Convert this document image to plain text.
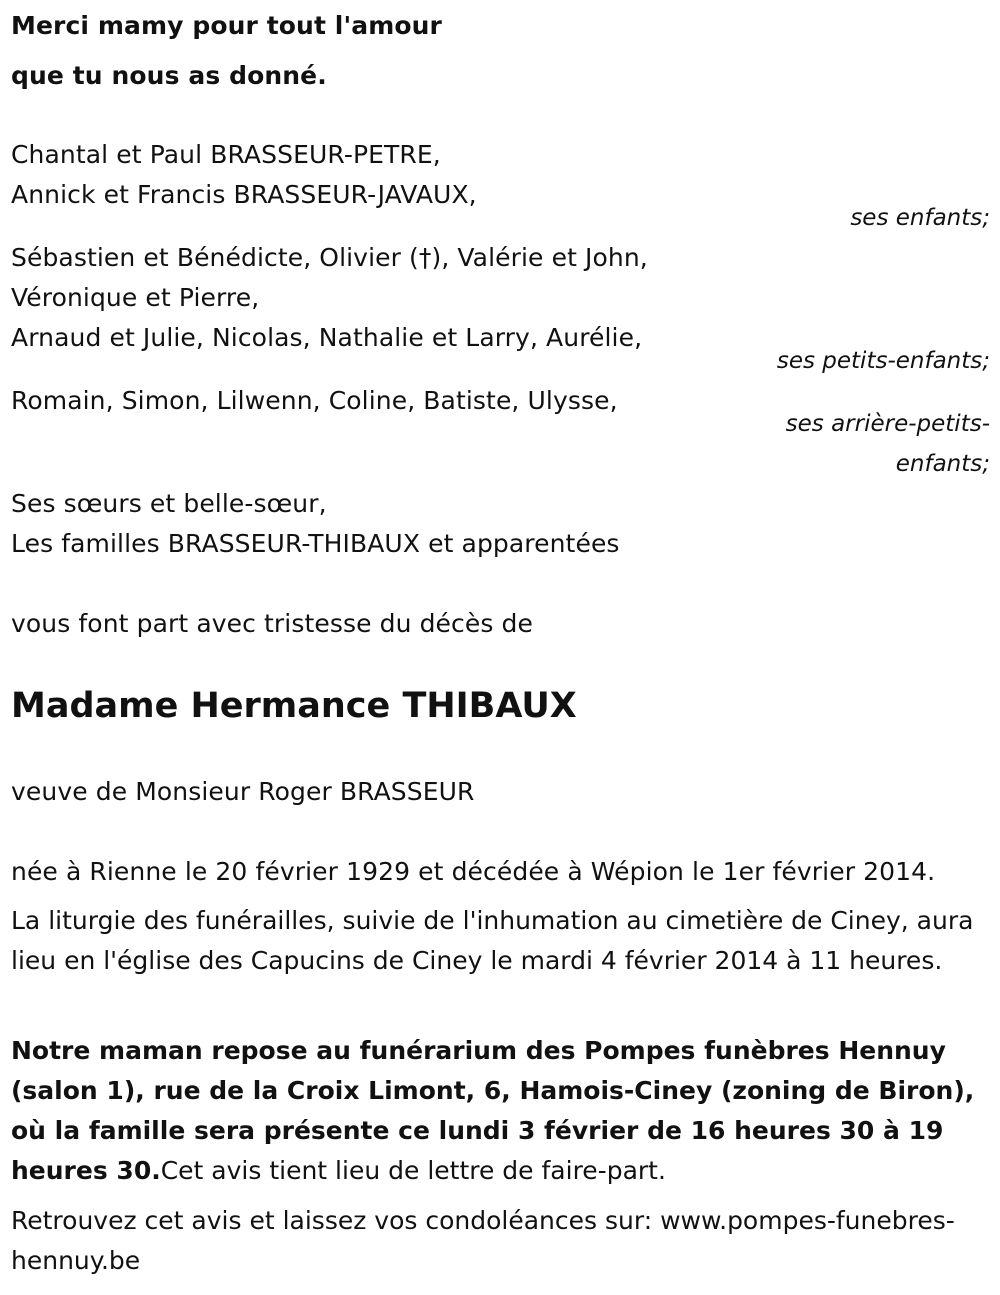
Merci mamy pour tout l'amour
que tu nous as donné.
Chantal et Paul BRASSEUR-PETRE,
Annick et Francis BRASSEUR-JAVAUX,
ses enfants;
Sébastien et Bénédicte, Olivier (†), Valérie et John,
Véronique et Pierre,
Arnaud et Julie, Nicolas, Nathalie et Larry, Aurélie,
ses petits-enfants;
Romain, Simon, Lilwenn, Coline, Batiste, Ulysse,
ses arrière-petits-
enfants;
Ses sœurs et belle-sœur,
Les familles BRASSEUR-THIBAUX et apparentées
vous font part avec tristesse du décès de
Madame Hermance THIBAUX
veuve de Monsieur Roger BRASSEUR
née à Rienne le 20 février 1929 et décédée à Wépion le 1er février 2014.
La liturgie des funérailles, suivie de l'inhumation au cimetière de Ciney, aura lieu en l'église des Capucins de Ciney le mardi 4 février 2014 à 11 heures.
Notre maman repose au funérarium des Pompes funèbres Hennuy (salon 1), rue de la Croix Limont, 6, Hamois-Ciney (zoning de Biron), où la famille sera présente ce lundi 3 février de 16 heures 30 à 19 heures 30.Cet avis tient lieu de lettre de faire-part.
Retrouvez cet avis et laissez vos condoléances sur: www.pompes-funebres-hennuy.be
